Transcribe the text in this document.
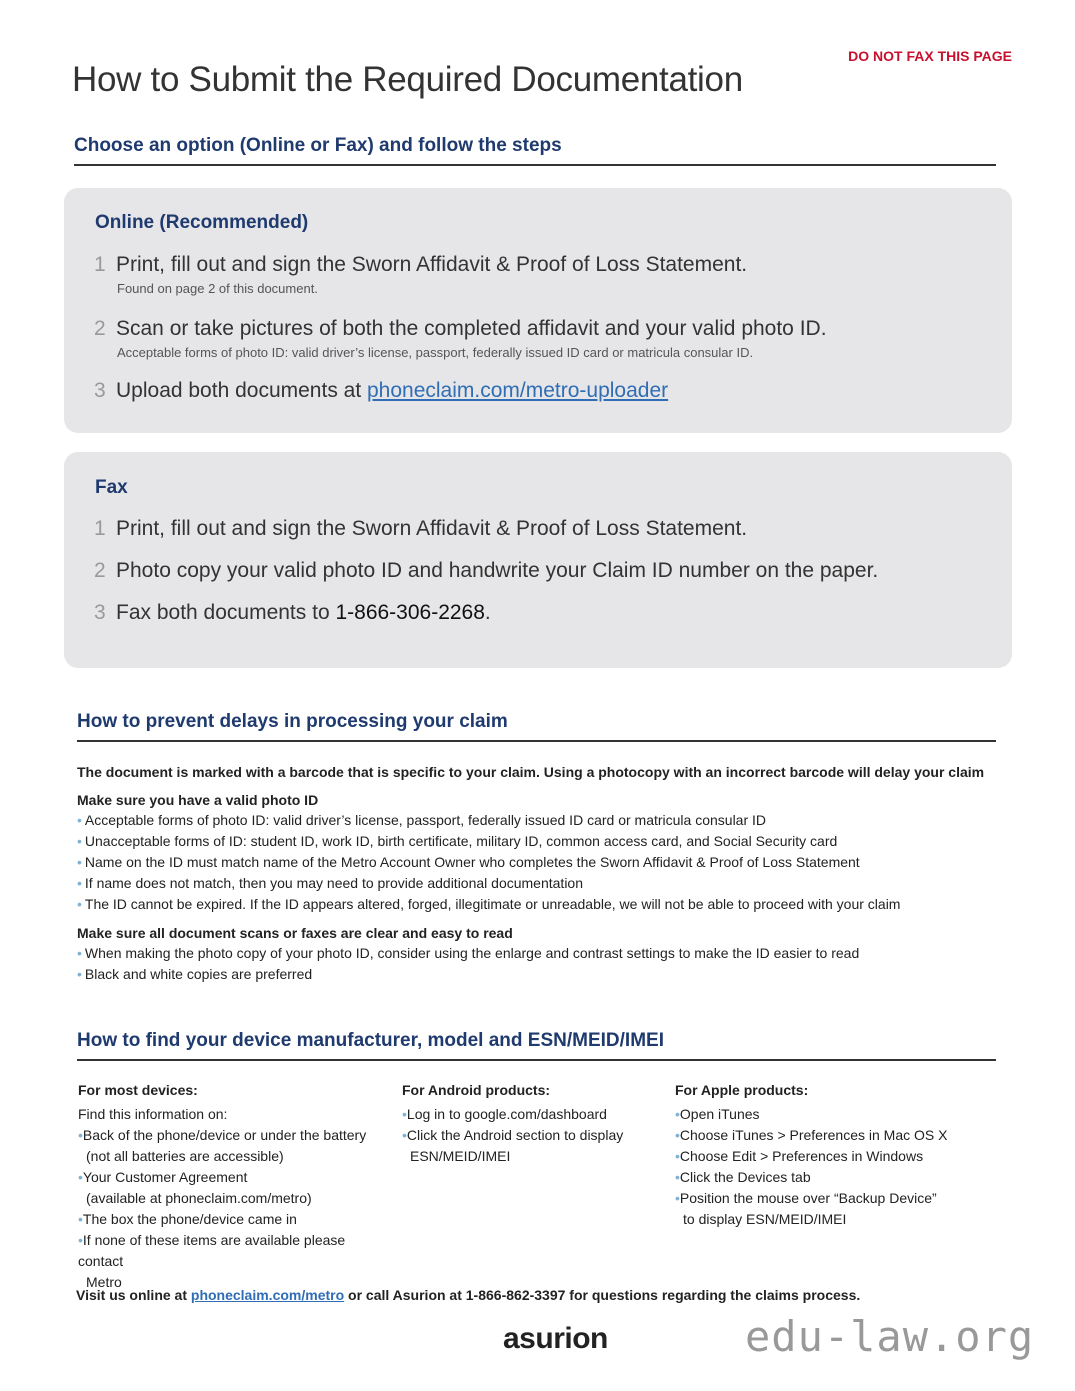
DO NOT FAX THIS PAGE
How to Submit the Required Documentation
Choose an option (Online or Fax) and follow the steps
Online (Recommended)
1 Print, fill out and sign the Sworn Affidavit & Proof of Loss Statement.
Found on page 2 of this document.
2 Scan or take pictures of both the completed affidavit and your valid photo ID.
Acceptable forms of photo ID: valid driver’s license, passport, federally issued ID card or matricula consular ID.
3 Upload both documents at phoneclaim.com/metro-uploader
Fax
1 Print, fill out and sign the Sworn Affidavit & Proof of Loss Statement.
2 Photo copy your valid photo ID and handwrite your Claim ID number on the paper.
3 Fax both documents to 1-866-306-2268.
How to prevent delays in processing your claim
The document is marked with a barcode that is specific to your claim. Using a photocopy with an incorrect barcode will delay your claim
Make sure you have a valid photo ID
• Acceptable forms of photo ID: valid driver’s license, passport, federally issued ID card or matricula consular ID
• Unacceptable forms of ID: student ID, work ID, birth certificate, military ID, common access card, and Social Security card
• Name on the ID must match name of the Metro Account Owner who completes the Sworn Affidavit & Proof of Loss Statement
• If name does not match, then you may need to provide additional documentation
• The ID cannot be expired. If the ID appears altered, forged, illegitimate or unreadable, we will not be able to proceed with your claim
Make sure all document scans or faxes are clear and easy to read
• When making the photo copy of your photo ID, consider using the enlarge and contrast settings to make the ID easier to read
• Black and white copies are preferred
How to find your device manufacturer, model and ESN/MEID/IMEI
For most devices:
Find this information on:
•Back of the phone/device or under the battery
(not all batteries are accessible)
•Your Customer Agreement
(available at phoneclaim.com/metro)
•The box the phone/device came in
•If none of these items are available please contact
Metro
For Android products:
•Log in to google.com/dashboard
•Click the Android section to display
ESN/MEID/IMEI
For Apple products:
•Open iTunes
•Choose iTunes > Preferences in Mac OS X
•Choose Edit > Preferences in Windows
•Click the Devices tab
•Position the mouse over “Backup Device”
to display ESN/MEID/IMEI
Visit us online at phoneclaim.com/metro or call Asurion at 1-866-862-3397 for questions regarding the claims process.
asurion	edu-law.org
